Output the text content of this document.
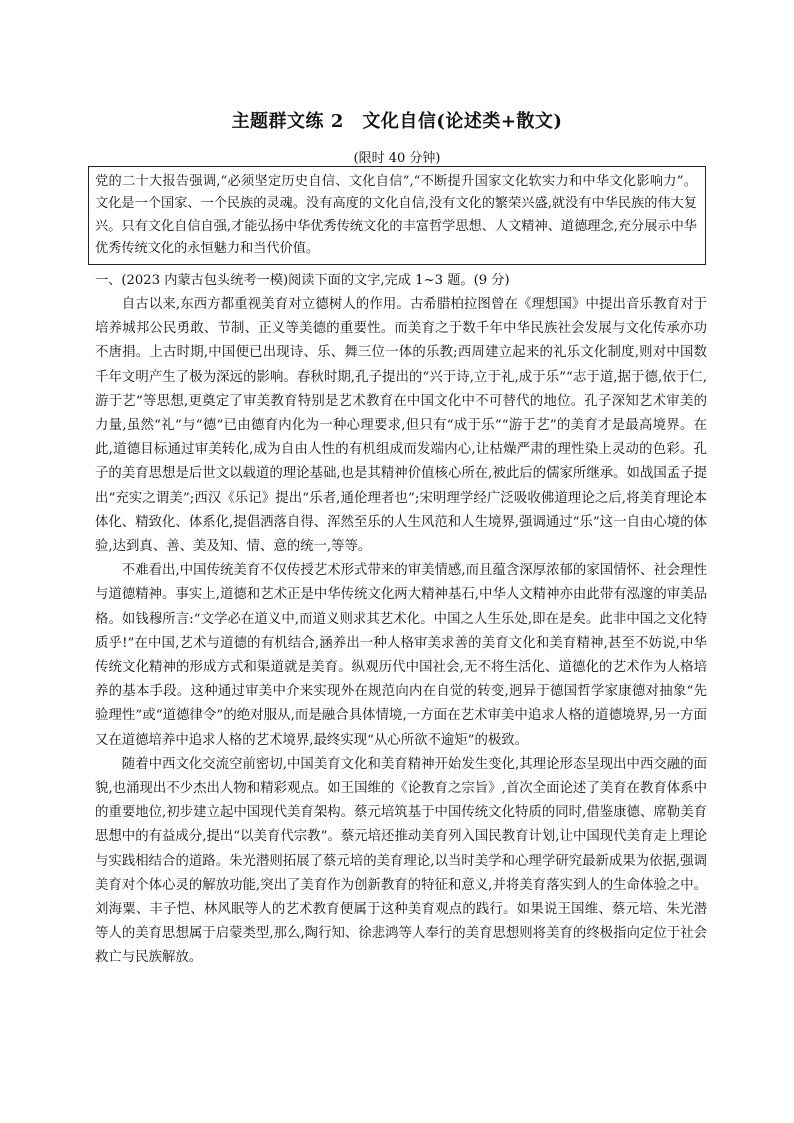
主题群文练 2　文化自信(论述类+散文)
(限时 40 分钟)
党的二十大报告强调,“必须坚定历史自信、文化自信”,“不断提升国家文化软实力和中华文化影响力”。文化是一个国家、一个民族的灵魂。没有高度的文化自信,没有文化的繁荣兴盛,就没有中华民族的伟大复兴。只有文化自信自强,才能弘扬中华优秀传统文化的丰富哲学思想、人文精神、道德理念,充分展示中华优秀传统文化的永恒魅力和当代价值。
一、(2023 内蒙古包头统考一模)阅读下面的文字,完成 1~3 题。(9 分)

自古以来,东西方都重视美育对立德树人的作用。古希腊柏拉图曾在《理想国》中提出音乐教育对于培养城邦公民勇敢、节制、正义等美德的重要性。而美育之于数千年中华民族社会发展与文化传承亦功不唐捐。上古时期,中国便已出现诗、乐、舞三位一体的乐教;西周建立起来的礼乐文化制度,则对中国数千年文明产生了极为深远的影响。春秋时期,孔子提出的“兴于诗,立于礼,成于乐”“志于道,据于德,依于仁,游于艺”等思想,更奠定了审美教育特别是艺术教育在中国文化中不可替代的地位。孔子深知艺术审美的力量,虽然“礼”与“德”已由德育内化为一种心理要求,但只有“成于乐”“游于艺”的美育才是最高境界。在此,道德目标通过审美转化,成为自由人性的有机组成而发端内心,让枯燥严肃的理性染上灵动的色彩。孔子的美育思想是后世文以载道的理论基础,也是其精神价值核心所在,被此后的儒家所继承。如战国孟子提出“充实之谓美”;西汉《乐记》提出“乐者,通伦理者也”;宋明理学经广泛吸收佛道理论之后,将美育理论本体化、精致化、体系化,提倡洒落自得、浑然至乐的人生风范和人生境界,强调通过“乐”这一自由心境的体验,达到真、善、美及知、情、意的统一,等等。

不难看出,中国传统美育不仅传授艺术形式带来的审美情感,而且蕴含深厚浓郁的家国情怀、社会理性与道德精神。事实上,道德和艺术正是中华传统文化两大精神基石,中华人文精神亦由此带有泓邃的审美品格。如钱穆所言:“文学必在道义中,而道义则求其艺术化。中国之人生乐处,即在是矣。此非中国之文化特质乎!”在中国,艺术与道德的有机结合,涵养出一种人格审美求善的美育文化和美育精神,甚至不妨说,中华传统文化精神的形成方式和渠道就是美育。纵观历代中国社会,无不将生活化、道德化的艺术作为人格培养的基本手段。这种通过审美中介来实现外在规范向内在自觉的转变,迥异于德国哲学家康德对抽象“先验理性”或“道德律令”的绝对服从,而是融合具体情境,一方面在艺术审美中追求人格的道德境界,另一方面又在道德培养中追求人格的艺术境界,最终实现“从心所欲不逾矩”的极致。

随着中西文化交流空前密切,中国美育文化和美育精神开始发生变化,其理论形态呈现出中西交融的面貌,也涌现出不少杰出人物和精彩观点。如王国维的《论教育之宗旨》,首次全面论述了美育在教育体系中的重要地位,初步建立起中国现代美育架构。蔡元培筑基于中国传统文化特质的同时,借鉴康德、席勒美育思想中的有益成分,提出“以美育代宗教”。蔡元培还推动美育列入国民教育计划,让中国现代美育走上理论与实践相结合的道路。朱光潜则拓展了蔡元培的美育理论,以当时美学和心理学研究最新成果为依据,强调美育对个体心灵的解放功能,突出了美育作为创新教育的特征和意义,并将美育落实到人的生命体验之中。刘海粟、丰子恺、林风眠等人的艺术教育便属于这种美育观点的践行。如果说王国维、蔡元培、朱光潜等人的美育思想属于启蒙类型,那么,陶行知、徐悲鸿等人奉行的美育思想则将美育的终极指向定位于社会救亡与民族解放。
